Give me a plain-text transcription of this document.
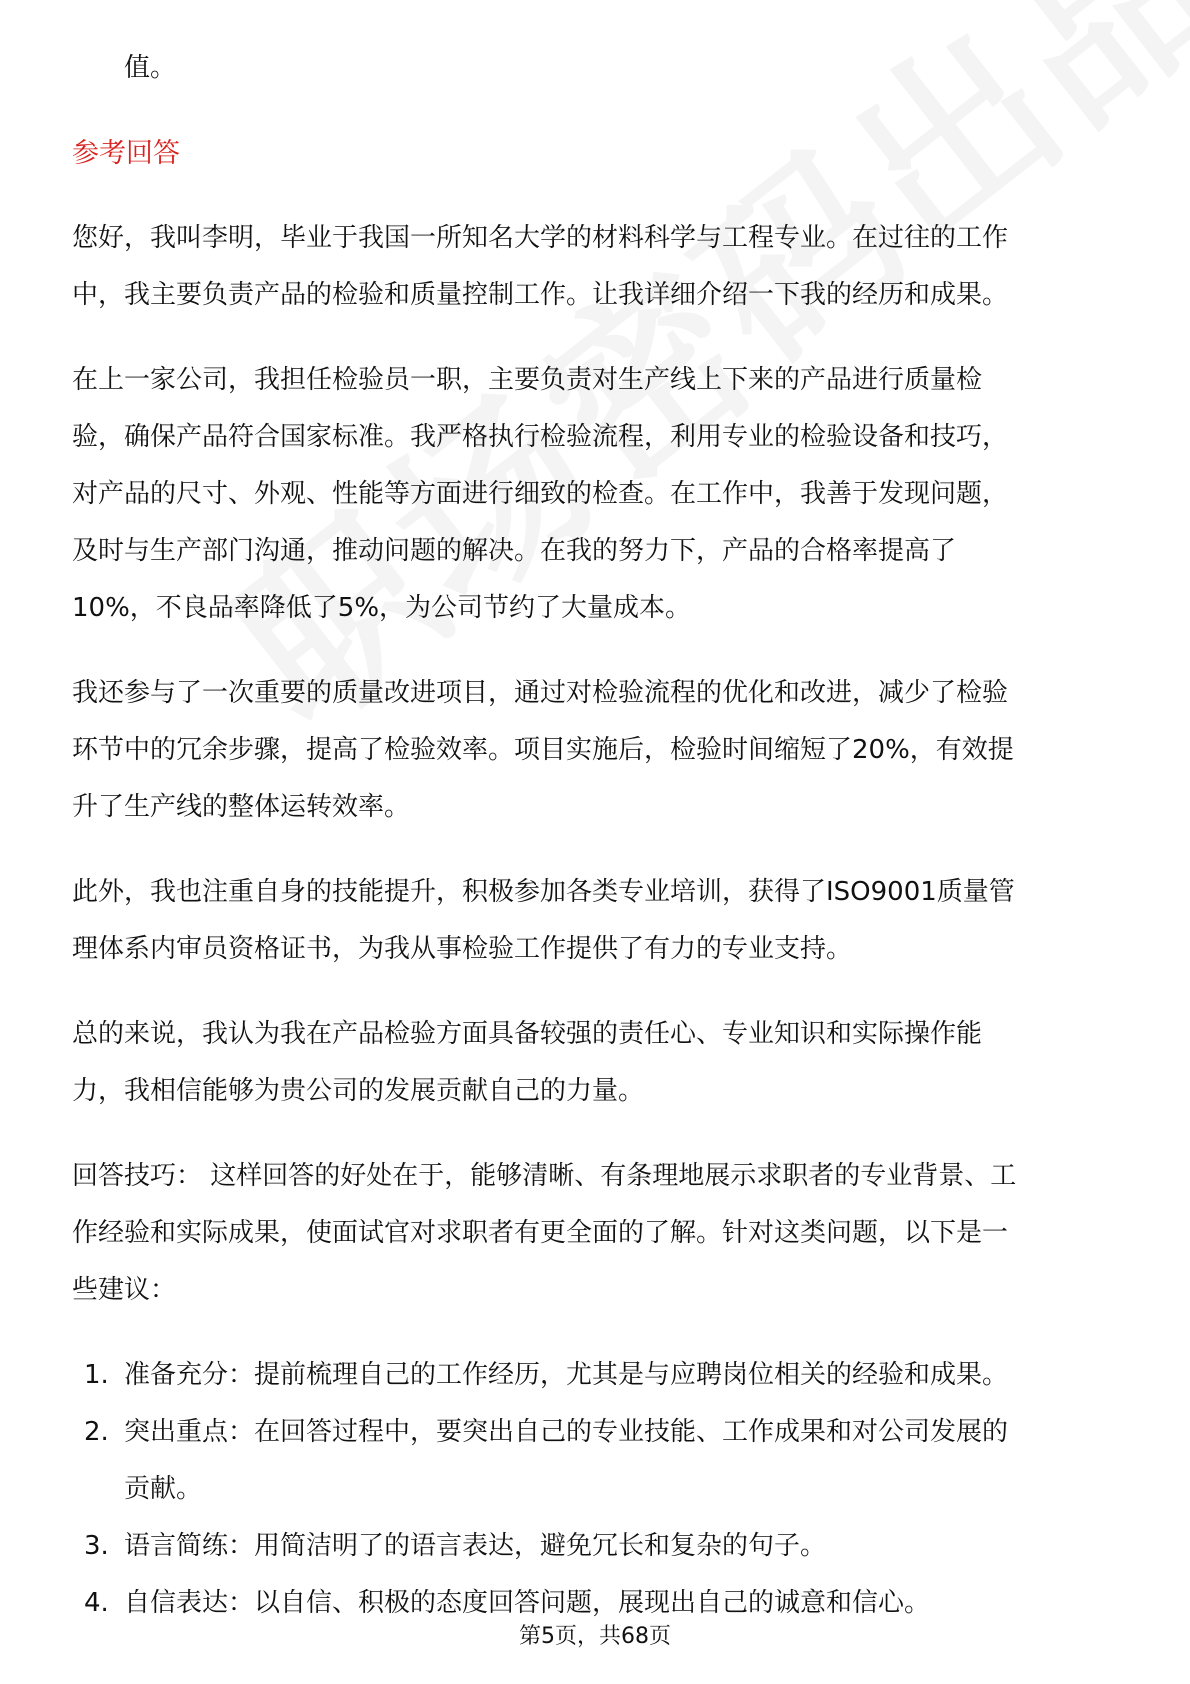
值。

参考回答

您好，我叫李明，毕业于我国一所知名大学的材料科学与工程专业。在过往的工作

中，我主要负责产品的检验和质量控制工作。让我详细介绍一下我的经历和成果。

在上一家公司，我担任检验员一职，主要负责对生产线上下来的产品进行质量检

验，确保产品符合国家标准。我严格执行检验流程，利用专业的检验设备和技巧，

对产品的尺寸、外观、性能等方面进行细致的检查。在工作中，我善于发现问题，

及时与生产部门沟通，推动问题的解决。在我的努力下，产品的合格率提高了

10%，不良品率降低了5%，为公司节约了大量成本。

我还参与了一次重要的质量改进项目，通过对检验流程的优化和改进，减少了检验

环节中的冗余步骤，提高了检验效率。项目实施后，检验时间缩短了20%，有效提

升了生产线的整体运转效率。

此外，我也注重自身的技能提升，积极参加各类专业培训，获得了ISO9001质量管

理体系内审员资格证书，为我从事检验工作提供了有力的专业支持。

总的来说，我认为我在产品检验方面具备较强的责任心、专业知识和实际操作能

力，我相信能够为贵公司的发展贡献自己的力量。

回答技巧： 这样回答的好处在于，能够清晰、有条理地展示求职者的专业背景、工

作经验和实际成果，使面试官对求职者有更全面的了解。针对这类问题，以下是一

些建议：

1. 准备充分：提前梳理自己的工作经历，尤其是与应聘岗位相关的经验和成果。
2. 突出重点：在回答过程中，要突出自己的专业技能、工作成果和对公司发展的
贡献。
3. 语言简练：用简洁明了的语言表达，避免冗长和复杂的句子。
4. 自信表达：以自信、积极的态度回答问题，展现出自己的诚意和信心。
第5页，共68页
